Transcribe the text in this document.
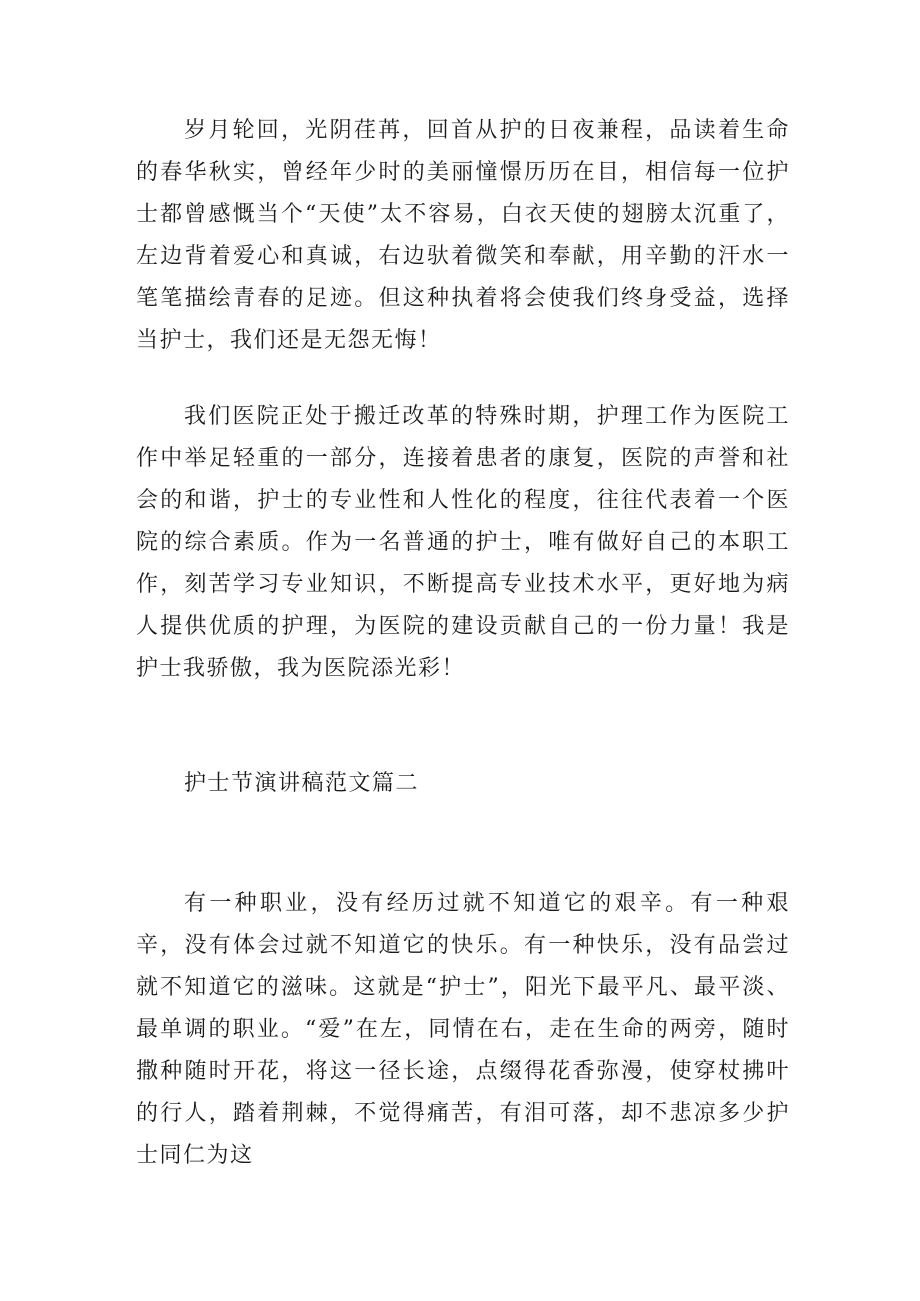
岁月轮回，光阴荏苒，回首从护的日夜兼程，品读着生命的春华秋实，曾经年少时的美丽憧憬历历在目，相信每一位护士都曾感慨当个“天使”太不容易，白衣天使的翅膀太沉重了，左边背着爱心和真诚，右边驮着微笑和奉献，用辛勤的汗水一笔笔描绘青春的足迹。但这种执着将会使我们终身受益，选择当护士，我们还是无怨无悔！

我们医院正处于搬迁改革的特殊时期，护理工作为医院工作中举足轻重的一部分，连接着患者的康复，医院的声誉和社会的和谐，护士的专业性和人性化的程度，往往代表着一个医院的综合素质。作为一名普通的护士，唯有做好自己的本职工作，刻苦学习专业知识，不断提高专业技术水平，更好地为病人提供优质的护理，为医院的建设贡献自己的一份力量！我是护士我骄傲，我为医院添光彩！

护士节演讲稿范文篇二

有一种职业，没有经历过就不知道它的艰辛。有一种艰辛，没有体会过就不知道它的快乐。有一种快乐，没有品尝过就不知道它的滋味。这就是“护士”，阳光下最平凡、最平淡、最单调的职业。“爱”在左，同情在右，走在生命的两旁，随时撒种随时开花，将这一径长途，点缀得花香弥漫，使穿杖拂叶的行人，踏着荆棘，不觉得痛苦，有泪可落，却不悲凉多少护士同仁为这
